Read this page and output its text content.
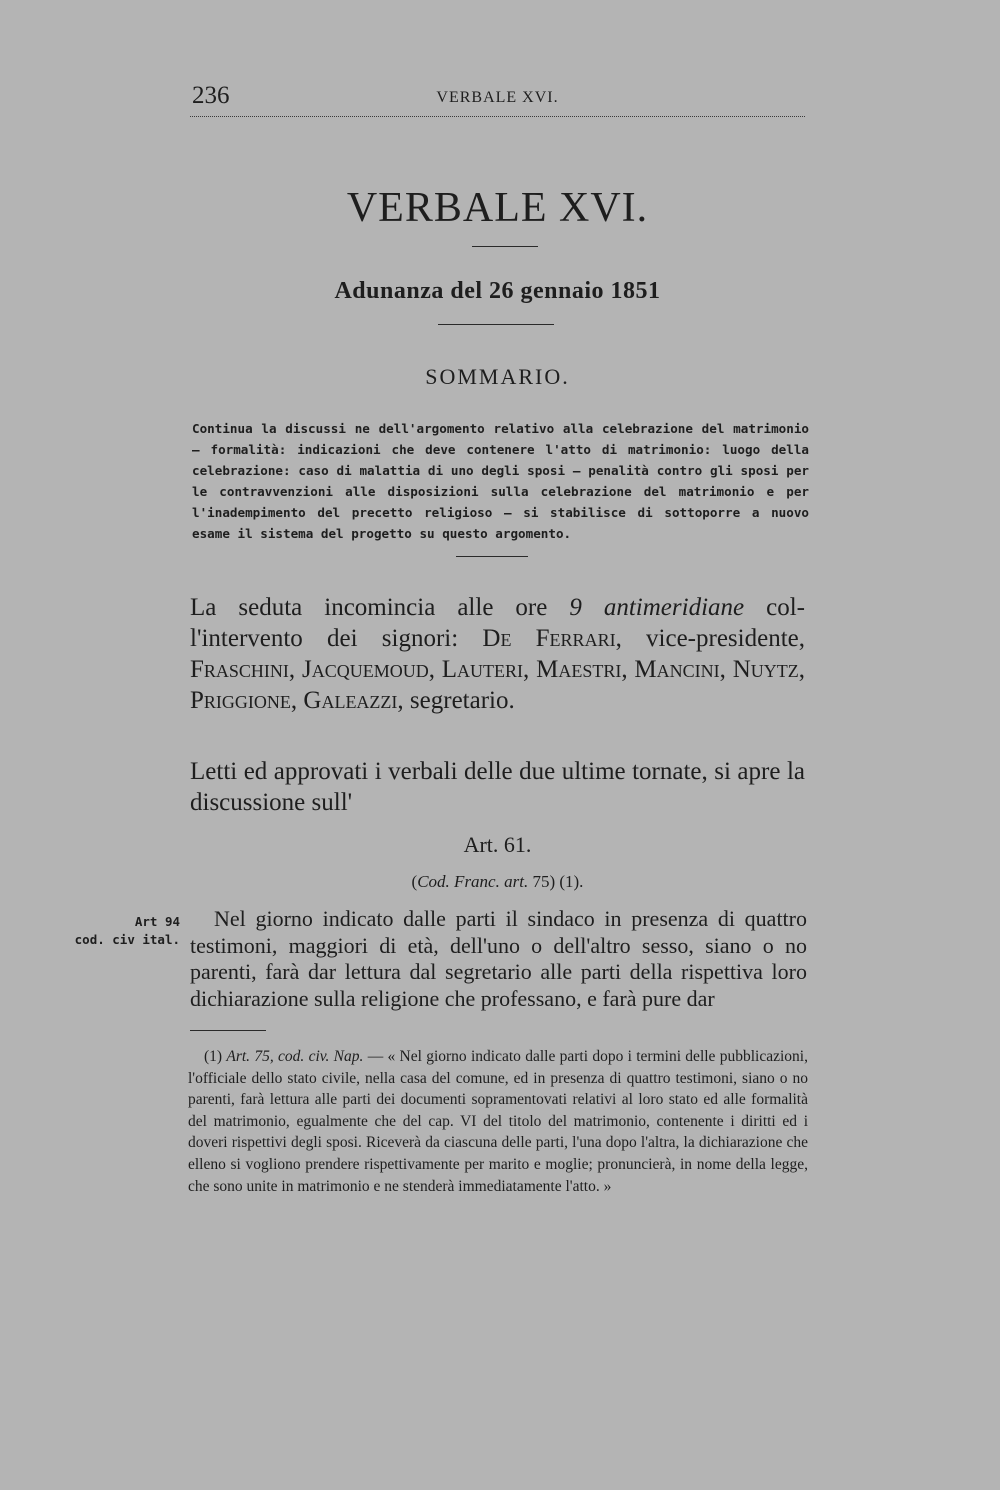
236	VERBALE XVI.
VERBALE XVI.
Adunanza del 26 gennaio 1851
SOMMARIO.
Continua la discussi ne dell'argomento relativo alla celebrazione del matrimonio — formalità: indicazioni che deve contenere l'atto di matrimonio: luogo della celebrazione: caso di malattia di uno degli sposi — penalità contro gli sposi per le contravvenzioni alle disposizioni sulla celebrazione del matrimonio e per l'inadempimento del precetto religioso — si stabilisce di sottoporre a nuovo esame il sistema del progetto su questo argomento.
La seduta incomincia alle ore 9 antimeridiane col-l'intervento dei signori: De Ferrari, vice-presidente, Fraschini, Jacquemoud, Lauteri, Maestri, Mancini, Nuytz, Priggione, Galeazzi, segretario.
Letti ed approvati i verbali delle due ultime tornate, si apre la discussione sull'
Art. 61.
(Cod. Franc. art. 75) (1).
Art 94
cod. civ ital.
Nel giorno indicato dalle parti il sindaco in presenza di quattro testimoni, maggiori di età, dell'uno o dell'altro sesso, siano o no parenti, farà dar lettura dal segretario alle parti della rispettiva loro dichiarazione sulla religione che professano, e farà pure dar
(1) Art. 75, cod. civ. Nap. — « Nel giorno indicato dalle parti dopo i termini delle pubblicazioni, l'officiale dello stato civile, nella casa del comune, ed in presenza di quattro testimoni, siano o no parenti, farà lettura alle parti dei documenti sopramentovati relativi al loro stato ed alle formalità del matrimonio, egualmente che del cap. VI del titolo del matrimonio, contenente i diritti ed i doveri rispettivi degli sposi. Riceverà da ciascuna delle parti, l'una dopo l'altra, la dichiarazione che elleno si vogliono prendere rispettivamente per marito e moglie; pronuncierà, in nome della legge, che sono unite in matrimonio e ne stenderà immediatamente l'atto. »
